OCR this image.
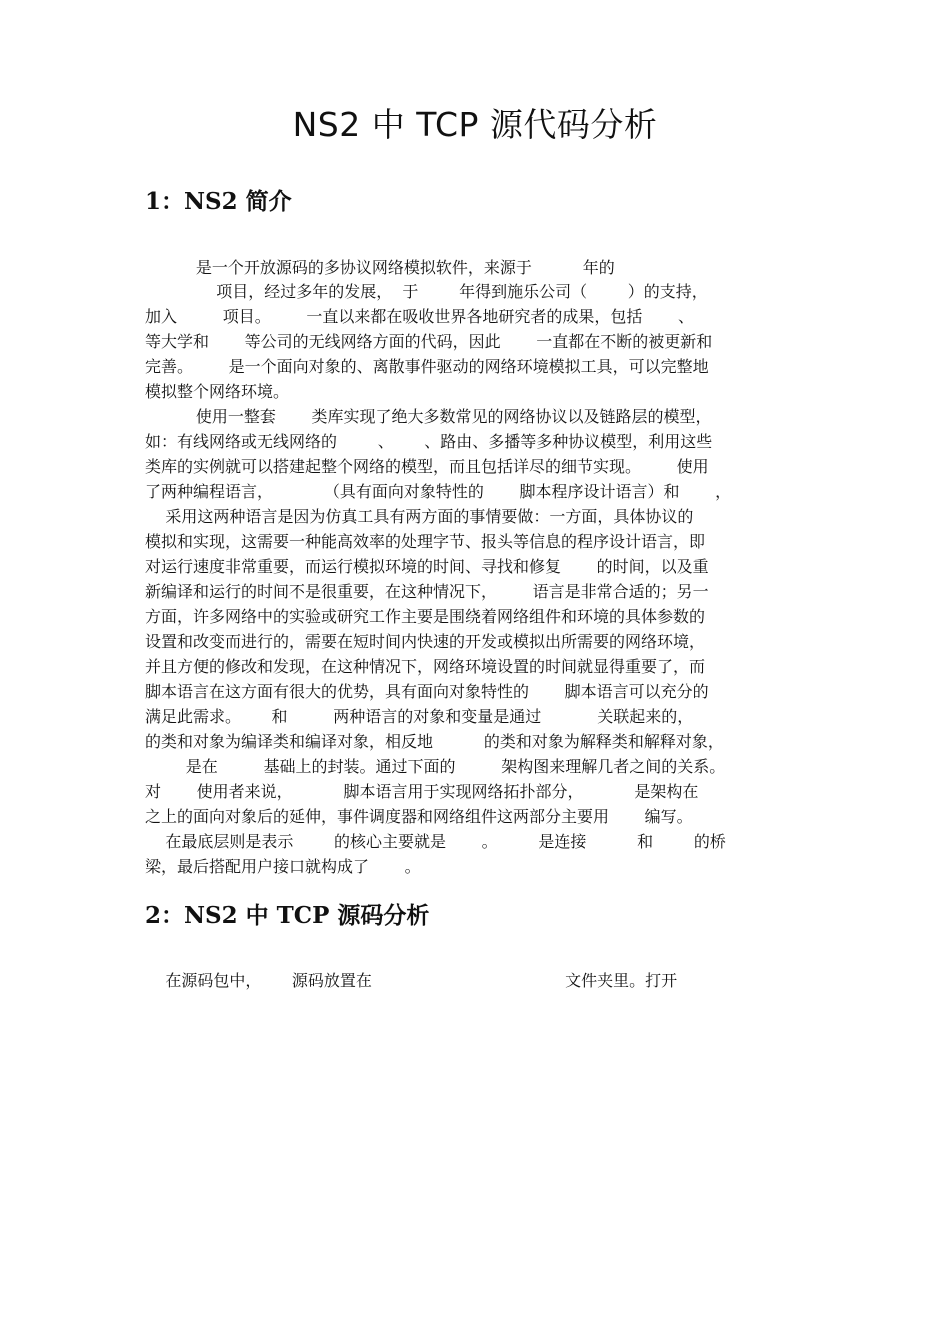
NS2 中 TCP 源代码分析
1：NS2 简介

是一个开放源码的多协议网络模拟软件，来源于          年的

项目，经过多年的发展，  于        年得到施乐公司（        ）的支持，

加入         项目。       一直以来都在吸收世界各地研究者的成果，包括       、

等大学和       等公司的无线网络方面的代码，因此       一直都在不断的被更新和

完善。       是一个面向对象的、离散事件驱动的网络环境模拟工具，可以完整地

模拟整个网络环境。

使用一整套       类库实现了绝大多数常见的网络协议以及链路层的模型，

如：有线网络或无线网络的        、      、路由、多播等多种协议模型，利用这些

类库的实例就可以搭建起整个网络的模型，而且包括详尽的细节实现。       使用

了两种编程语言，          （具有面向对象特性的       脚本程序设计语言）和       ，

采用这两种语言是因为仿真工具有两方面的事情要做：一方面，具体协议的

模拟和实现，这需要一种能高效率的处理字节、报头等信息的程序设计语言，即

对运行速度非常重要，而运行模拟环境的时间、寻找和修复       的时间，以及重

新编译和运行的时间不是很重要，在这种情况下，       语言是非常合适的；另一

方面，许多网络中的实验或研究工作主要是围绕着网络组件和环境的具体参数的

设置和改变而进行的，需要在短时间内快速的开发或模拟出所需要的网络环境，

并且方便的修改和发现，在这种情况下，网络环境设置的时间就显得重要了，而

脚本语言在这方面有很大的优势，具有面向对象特性的       脚本语言可以充分的

满足此需求。      和         两种语言的对象和变量是通过           关联起来的，

的类和对象为编译类和编译对象，相反地          的类和对象为解释类和解释对象，

是在         基础上的封装。通过下面的         架构图来理解几者之间的关系。

对       使用者来说，          脚本语言用于实现网络拓扑部分，          是架构在

之上的面向对象后的延伸，事件调度器和网络组件这两部分主要用       编写。

在最底层则是表示        的核心主要就是       。        是连接          和        的桥

梁，最后搭配用户接口就构成了       。

2：NS2 中 TCP 源码分析

在源码包中，      源码放置在                                      文件夹里。打开
